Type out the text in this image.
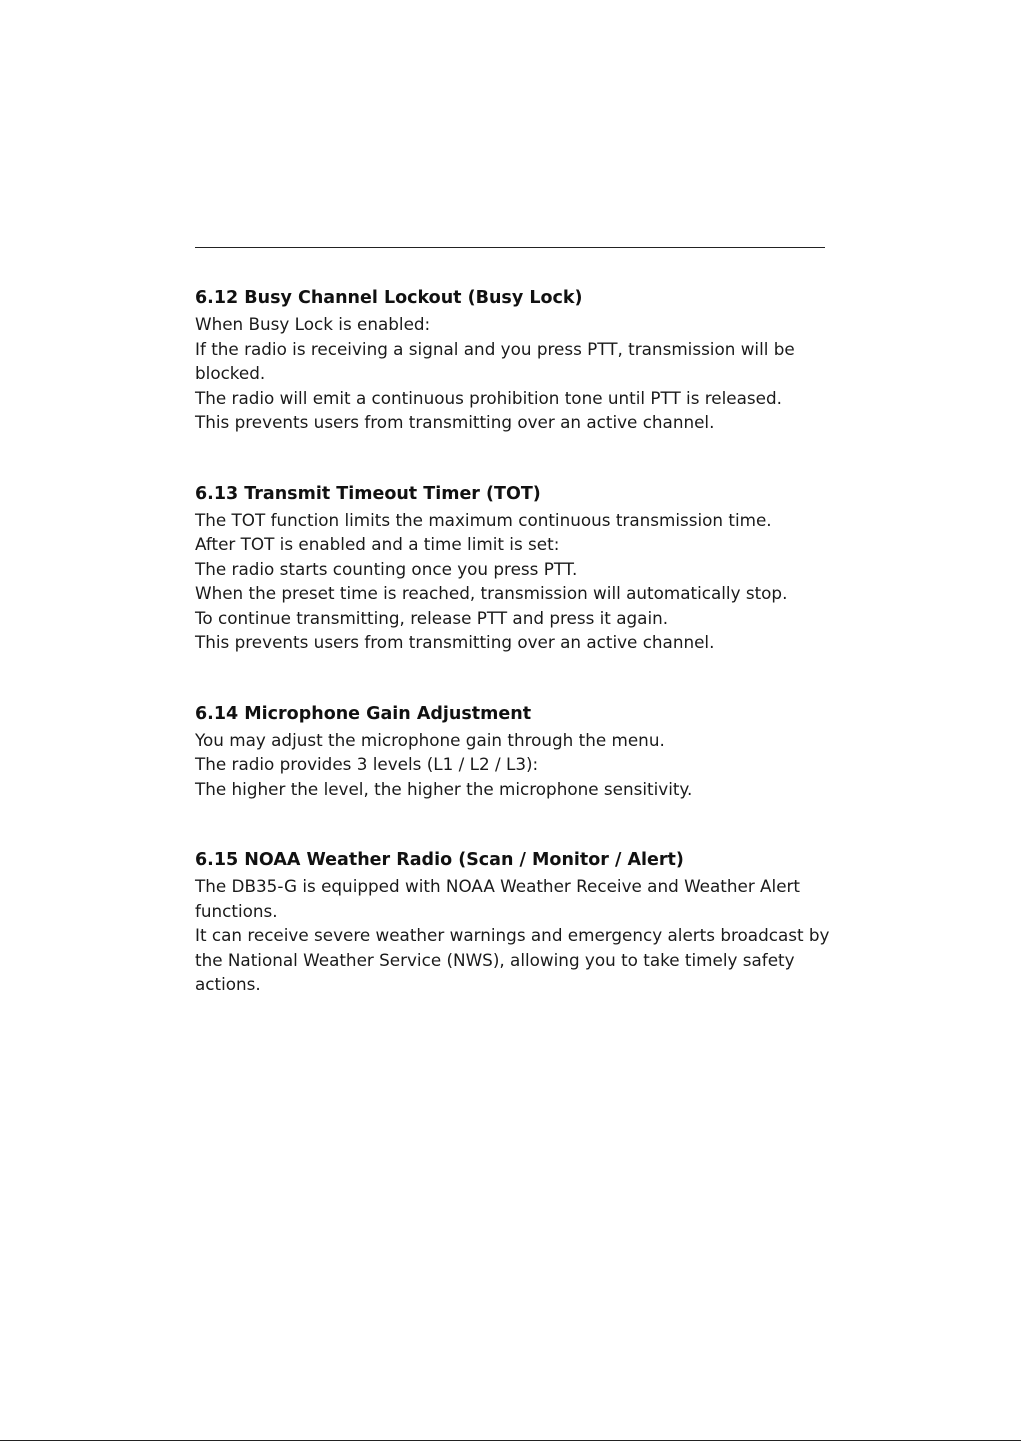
6.12 Busy Channel Lockout (Busy Lock)

When Busy Lock is enabled:

If the radio is receiving a signal and you press PTT, transmission will be

blocked.

The radio will emit a continuous prohibition tone until PTT is released.

This prevents users from transmitting over an active channel.

6.13 Transmit Timeout Timer (TOT)

The TOT function limits the maximum continuous transmission time.

After TOT is enabled and a time limit is set:

The radio starts counting once you press PTT.

When the preset time is reached, transmission will automatically stop.

To continue transmitting, release PTT and press it again.

This prevents users from transmitting over an active channel.

6.14 Microphone Gain Adjustment

You may adjust the microphone gain through the menu.

The radio provides 3 levels (L1 / L2 / L3):

The higher the level, the higher the microphone sensitivity.

6.15 NOAA Weather Radio (Scan / Monitor / Alert)

The DB35-G is equipped with NOAA Weather Receive and Weather Alert

functions.

It can receive severe weather warnings and emergency alerts broadcast by

the National Weather Service (NWS), allowing you to take timely safety

actions.
